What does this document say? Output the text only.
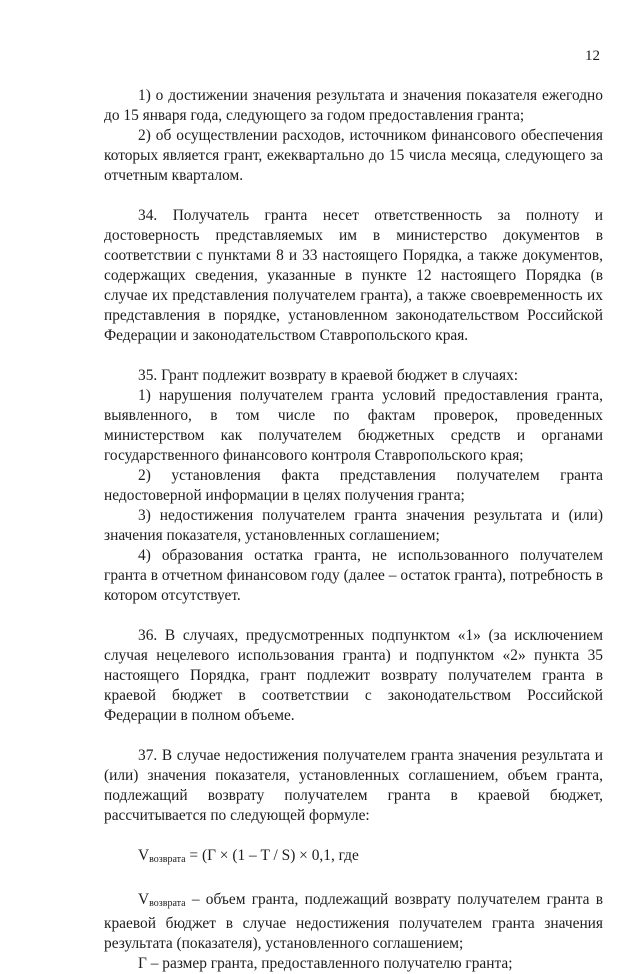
12

1) о достижении значения результата и значения показателя ежегодно до 15 января года, следующего за годом предоставления гранта;

2) об осуществлении расходов, источником финансового обеспечения которых является грант, ежеквартально до 15 числа месяца, следующего за отчетным кварталом.

34. Получатель гранта несет ответственность за полноту и достоверность представляемых им в министерство документов в соответствии с пунктами 8 и 33 настоящего Порядка, а также документов, содержащих сведения, указанные в пункте 12 настоящего Порядка (в случае их представления получателем гранта), а также своевременность их представления в порядке, установленном законодательством Российской Федерации и законодательством Ставропольского края.

35. Грант подлежит возврату в краевой бюджет в случаях:

1) нарушения получателем гранта условий предоставления гранта, выявленного, в том числе по фактам проверок, проведенных министерством как получателем бюджетных средств и органами государственного финансового контроля Ставропольского края;

2) установления факта представления получателем гранта недостоверной информации в целях получения гранта;

3) недостижения получателем гранта значения результата и (или) значения показателя, установленных соглашением;

4) образования остатка гранта, не использованного получателем гранта в отчетном финансовом году (далее – остаток гранта), потребность в котором отсутствует.

36. В случаях, предусмотренных подпунктом «1» (за исключением случая нецелевого использования гранта) и подпунктом «2» пункта 35 настоящего Порядка, грант подлежит возврату получателем гранта в краевой бюджет в соответствии с законодательством Российской Федерации в полном объеме.

37. В случае недостижения получателем гранта значения результата и (или) значения показателя, установленных соглашением, объем гранта, подлежащий возврату получателем гранта в краевой бюджет, рассчитывается по следующей формуле:

$V_{возврата} = (Г \times (1 - T / S) \times 0,1$, где

$V_{возврата}$ – объем гранта, подлежащий возврату получателем гранта в краевой бюджет в случае недостижения получателем гранта значения результата (показателя), установленного соглашением;

Г – размер гранта, предоставленного получателю гранта;
